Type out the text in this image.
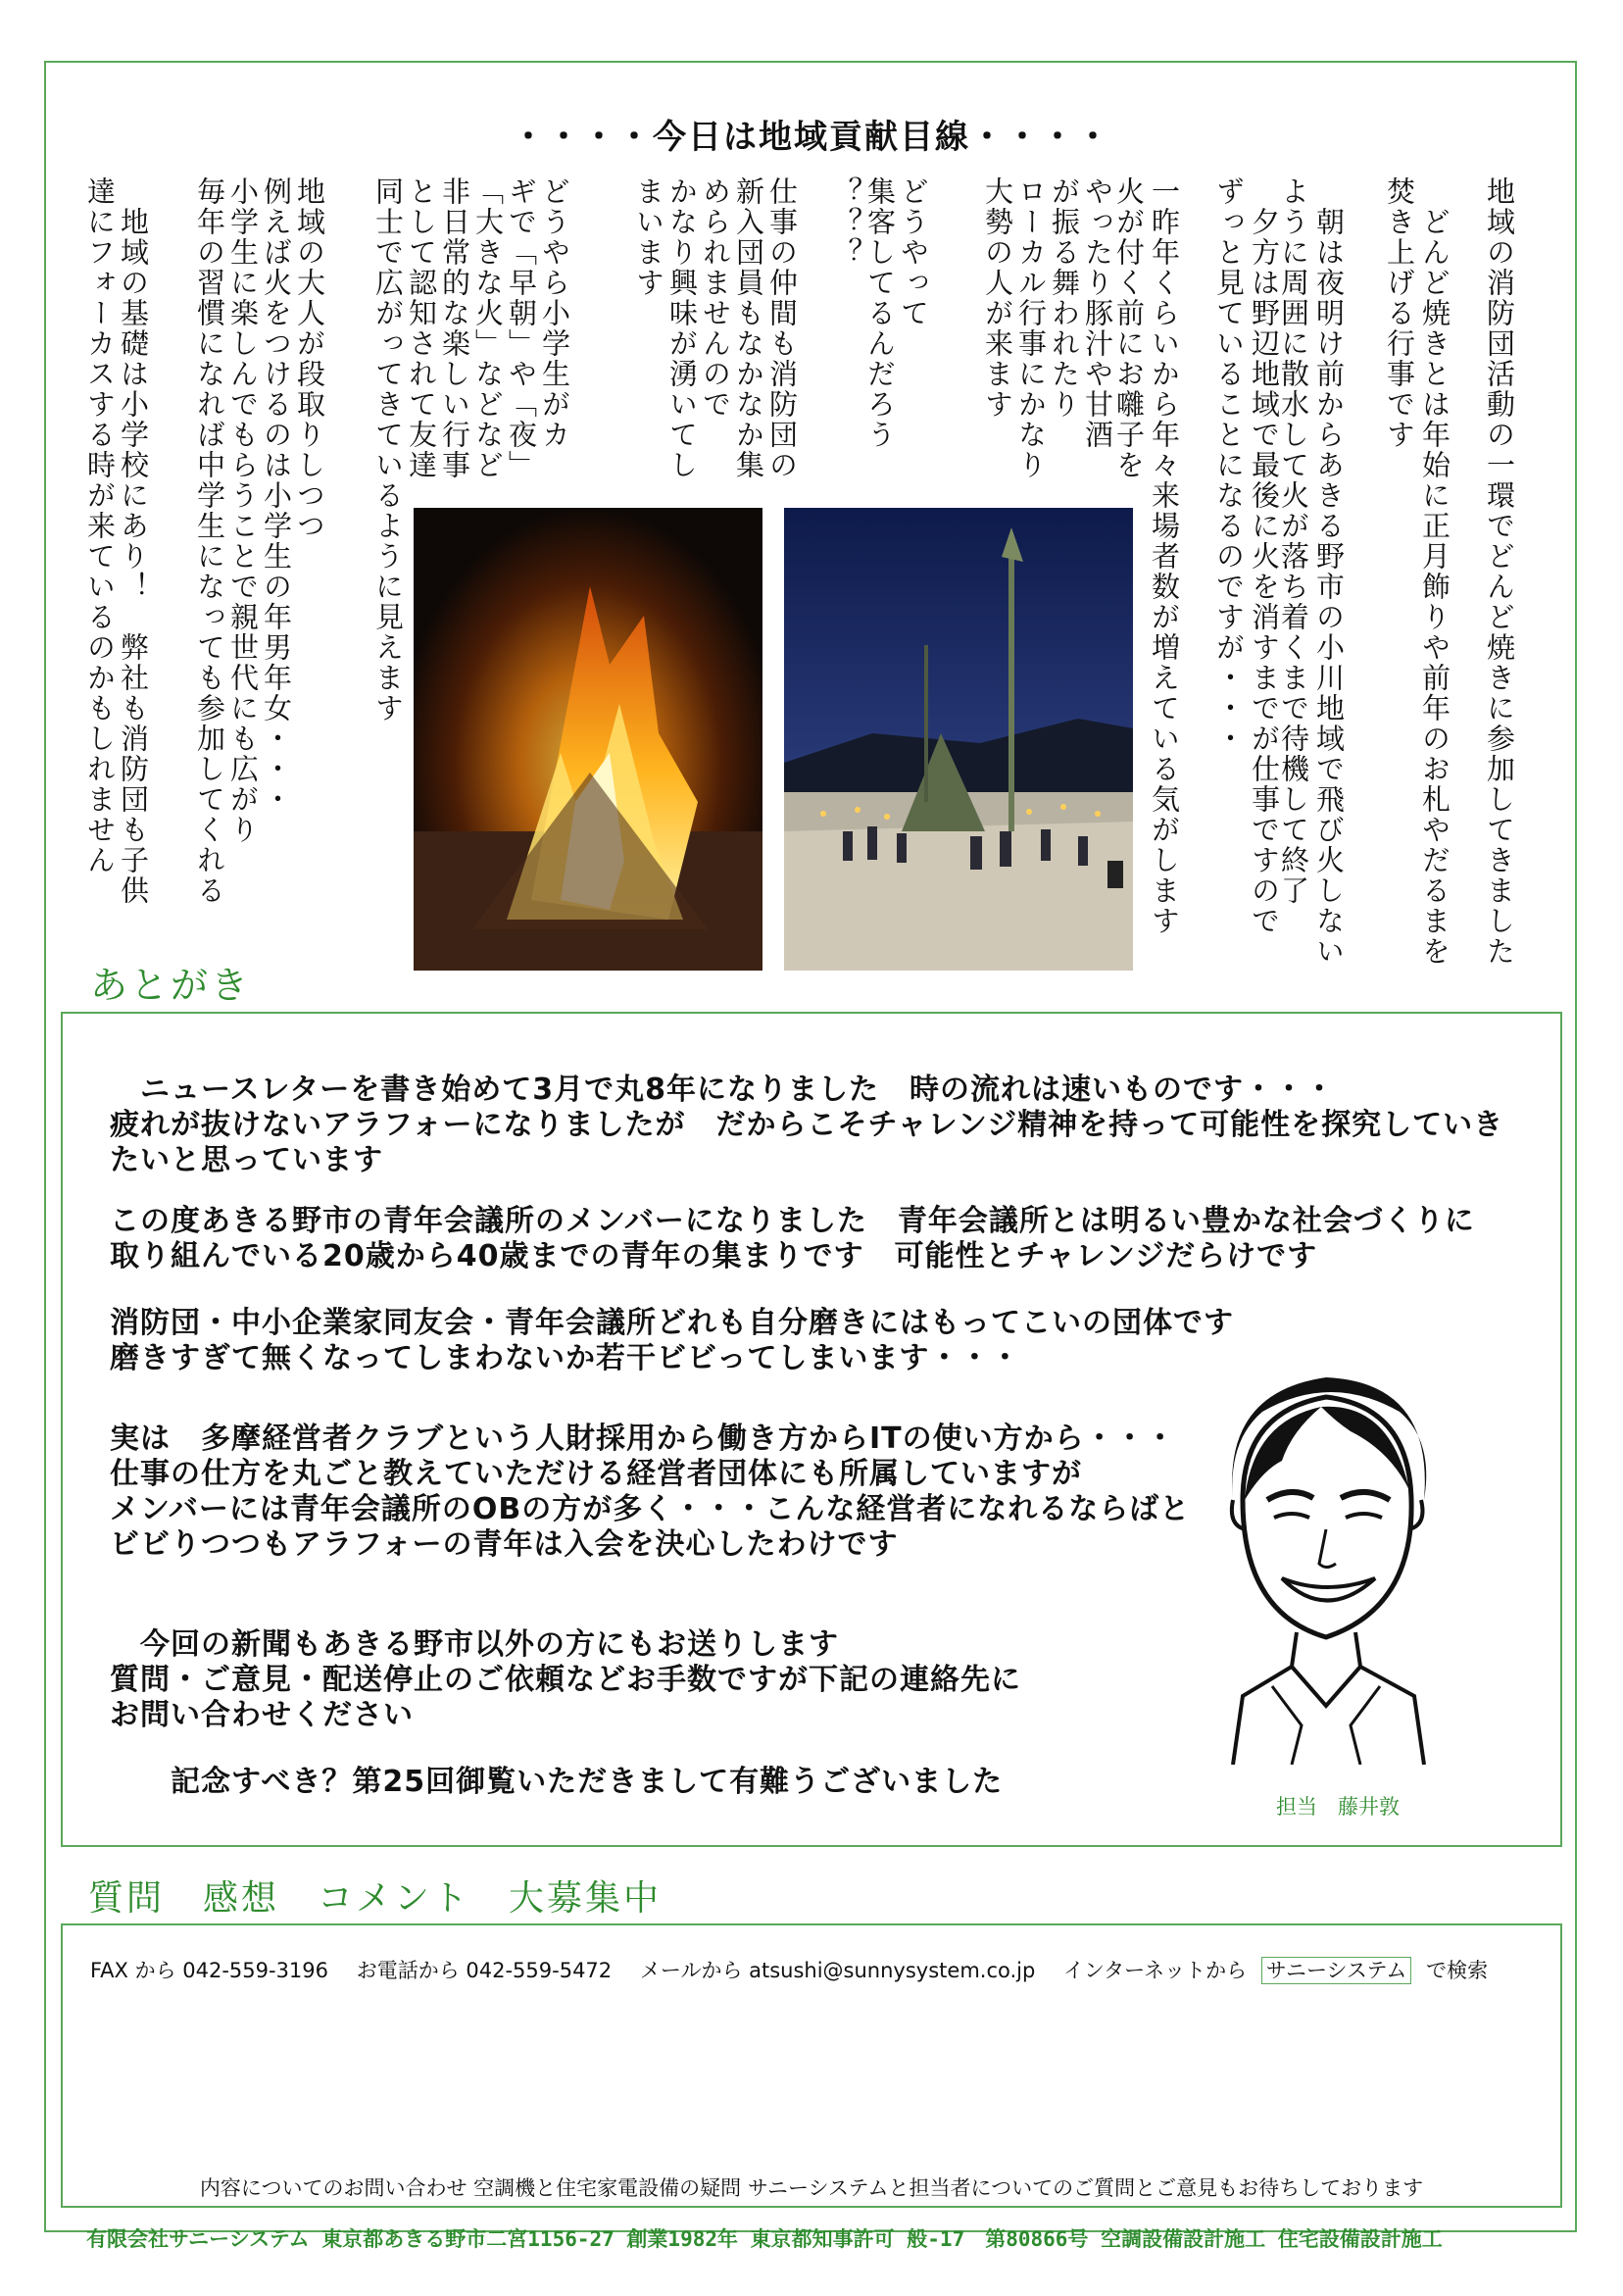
・・・・今日は地域貢献目線・・・・
地域の消防団活動の一環でどんど焼きに参加してきました
　どんど焼きとは年始に正月飾りや前年のお札やだるまを
焚き上げる行事です
　朝は夜明け前からあきる野市の小川地域で飛び火しない
ように周囲に散水して火が落ち着くまで待機して終了
　夕方は野辺地域で最後に火を消すまでが仕事ですので
ずっと見ていることになるのですが・・・
一昨年くらいから年々来場者数が増えている気がします
火が付く前にお囃子を
やったり豚汁や甘酒
が振る舞われたり
ローカル行事にかなり
大勢の人が来ます
どうやって
集客してるんだろう
？？？
仕事の仲間も消防団の
新入団員もなかなか集
められませんので
かなり興味が湧いてし
まいます
どうやら小学生がカ
ギで「早朝」や「夜」
「大きな火」などなど
非日常的な楽しい行事
として認知されて友達
同士で広がってきているように見えます
地域の大人が段取りしつつ
例えば火をつけるのは小学生の年男年女・・・
小学生に楽しんでもらうことで親世代にも広がり
毎年の習慣になれば中学生になっても参加してくれる
　地域の基礎は小学校にあり！　弊社も消防団も子供
達にフォーカスする時が来ているのかもしれません
あとがき
　ニュースレターを書き始めて3月で丸8年になりました　時の流れは速いものです・・・
疲れが抜けないアラフォーになりましたが　だからこそチャレンジ精神を持って可能性を探究していき
たいと思っています
この度あきる野市の青年会議所のメンバーになりました　青年会議所とは明るい豊かな社会づくりに
取り組んでいる20歳から40歳までの青年の集まりです　可能性とチャレンジだらけです
消防団・中小企業家同友会・青年会議所どれも自分磨きにはもってこいの団体です
磨きすぎて無くなってしまわないか若干ビビってしまいます・・・
実は　多摩経営者クラブという人財採用から働き方からITの使い方から・・・
仕事の仕方を丸ごと教えていただける経営者団体にも所属していますが
メンバーには青年会議所のOBの方が多く・・・こんな経営者になれるならばと
ビビりつつもアラフォーの青年は入会を決心したわけです
　今回の新聞もあきる野市以外の方にもお送りします
質問・ご意見・配送停止のご依頼などお手数ですが下記の連絡先に
お問い合わせください
　　記念すべき？第25回御覧いただきまして有難うございました
担当　藤井敦
質問　感想　コメント　大募集中
FAX から 042-559-3196 お電話から 042-559-5472 メールから atsushi@sunnysystem.co.jp インターネットから サニーシステム で検索
内容についてのお問い合わせ 空調機と住宅家電設備の疑問 サニーシステムと担当者についてのご質問とご意見もお待ちしております
有限会社サニーシステム 東京都あきる野市二宮1156-27 創業1982年 東京都知事許可 般-17　第80866号 空調設備設計施工 住宅設備設計施工
